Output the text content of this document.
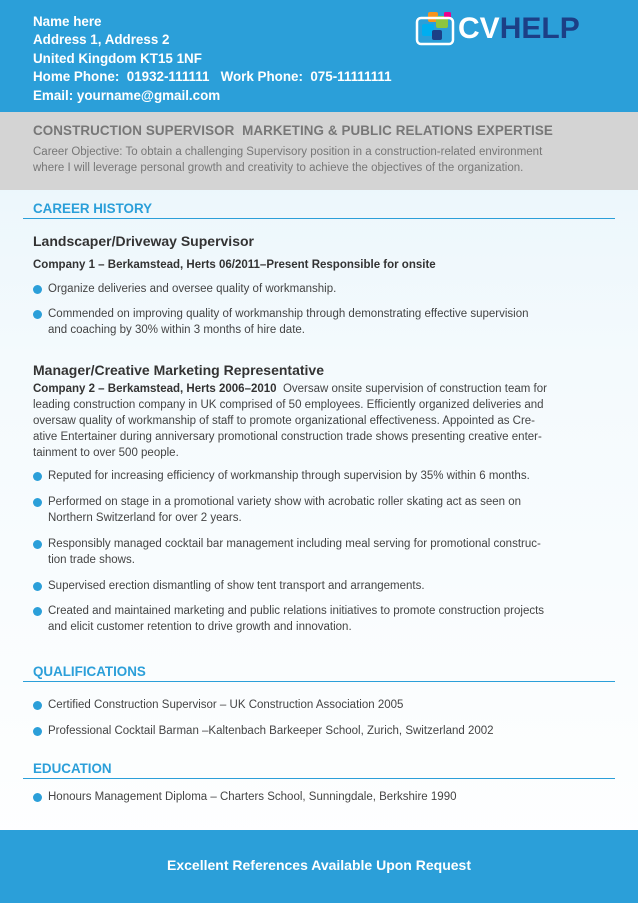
Name here
Address 1, Address 2
United Kingdom KT15 1NF
Home Phone:  01932-111111   Work Phone:  075-11111111
Email: yourname@gmail.com
CVHELP
CONSTRUCTION SUPERVISOR  MARKETING & PUBLIC RELATIONS EXPERTISE
Career Objective: To obtain a challenging Supervisory position in a construction-related environment
where I will leverage personal growth and creativity to achieve the objectives of the organization.
CAREER HISTORY
Landscaper/Driveway Supervisor
Company 1 – Berkamstead, Herts 06/2011–Present Responsible for onsite
Organize deliveries and oversee quality of workmanship.
Commended on improving quality of workmanship through demonstrating effective supervision
and coaching by 30% within 3 months of hire date.
Manager/Creative Marketing Representative
Company 2 – Berkamstead, Herts 2006–2010  Oversaw onsite supervision of construction team for
leading construction company in UK comprised of 50 employees. Efficiently organized deliveries and
oversaw quality of workmanship of staff to promote organizational effectiveness. Appointed as Cre-
ative Entertainer during anniversary promotional construction trade shows presenting creative enter-
tainment to over 500 people.
Reputed for increasing efficiency of workmanship through supervision by 35% within 6 months.
Performed on stage in a promotional variety show with acrobatic roller skating act as seen on
Northern Switzerland for over 2 years.
Responsibly managed cocktail bar management including meal serving for promotional construc-
tion trade shows.
Supervised erection dismantling of show tent transport and arrangements.
Created and maintained marketing and public relations initiatives to promote construction projects
and elicit customer retention to drive growth and innovation.
QUALIFICATIONS
Certified Construction Supervisor – UK Construction Association 2005
Professional Cocktail Barman –Kaltenbach Barkeeper School, Zurich, Switzerland 2002
EDUCATION
Honours Management Diploma – Charters School, Sunningdale, Berkshire 1990
Excellent References Available Upon Request
